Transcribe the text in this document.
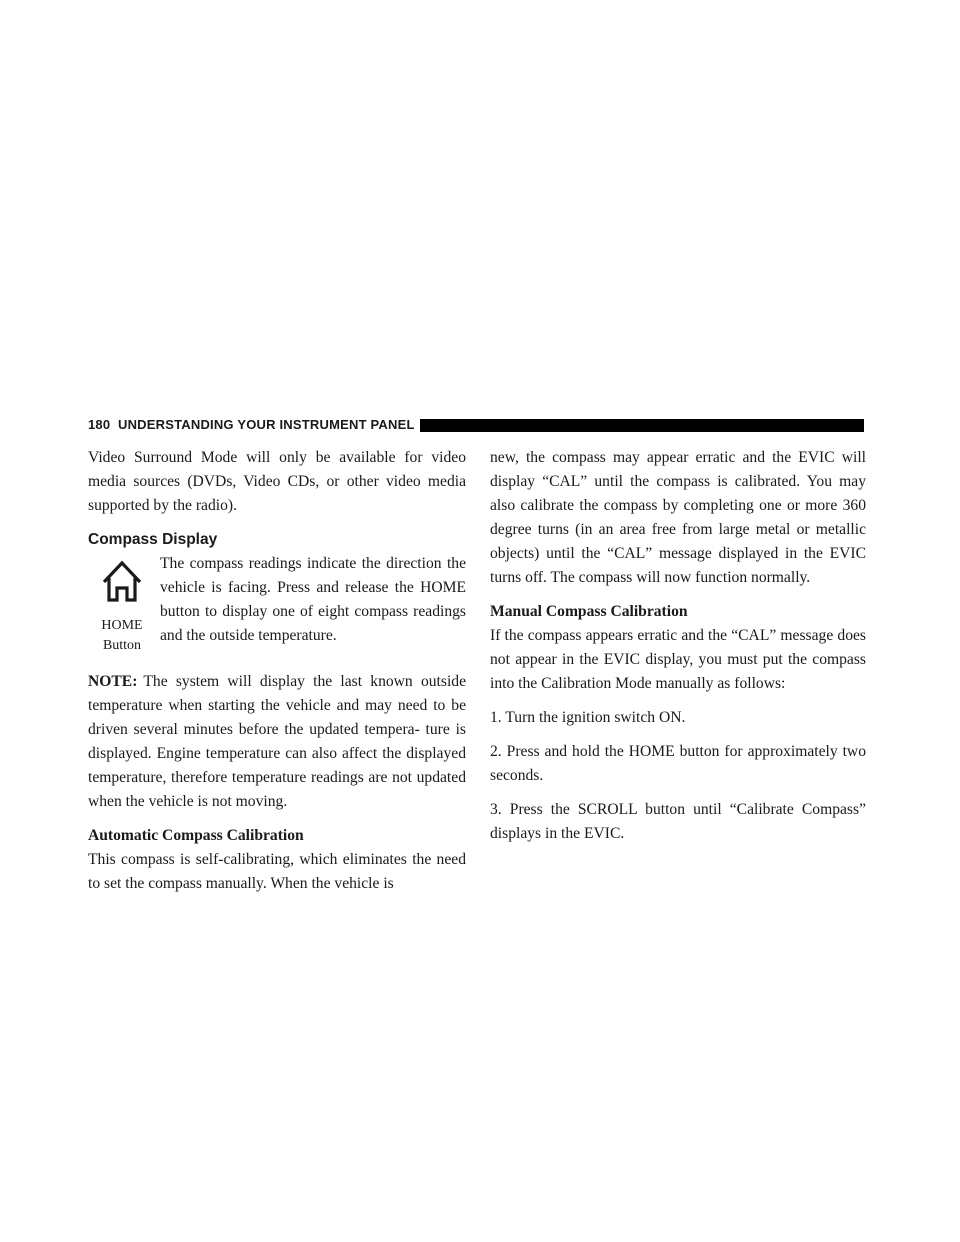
180 UNDERSTANDING YOUR INSTRUMENT PANEL

Video Surround Mode will only be available for video media sources (DVDs, Video CDs, or other video media supported by the radio).

Compass Display
HOME
Button

The compass readings indicate the direction the vehicle is facing. Press and release the HOME button to display one of eight compass readings and the outside temperature.

NOTE: The system will display the last known outside temperature when starting the vehicle and may need to be driven several minutes before the updated tempera- ture is displayed. Engine temperature can also affect the displayed temperature, therefore temperature readings are not updated when the vehicle is not moving.

Automatic Compass Calibration

This compass is self-calibrating, which eliminates the need to set the compass manually. When the vehicle is

new, the compass may appear erratic and the EVIC will display “CAL” until the compass is calibrated. You may also calibrate the compass by completing one or more 360 degree turns (in an area free from large metal or metallic objects) until the “CAL” message displayed in the EVIC turns off. The compass will now function normally.

Manual Compass Calibration

If the compass appears erratic and the “CAL” message does not appear in the EVIC display, you must put the compass into the Calibration Mode manually as follows:

1. Turn the ignition switch ON.

2. Press and hold the HOME button for approximately two seconds.

3. Press the SCROLL button until “Calibrate Compass” displays in the EVIC.
